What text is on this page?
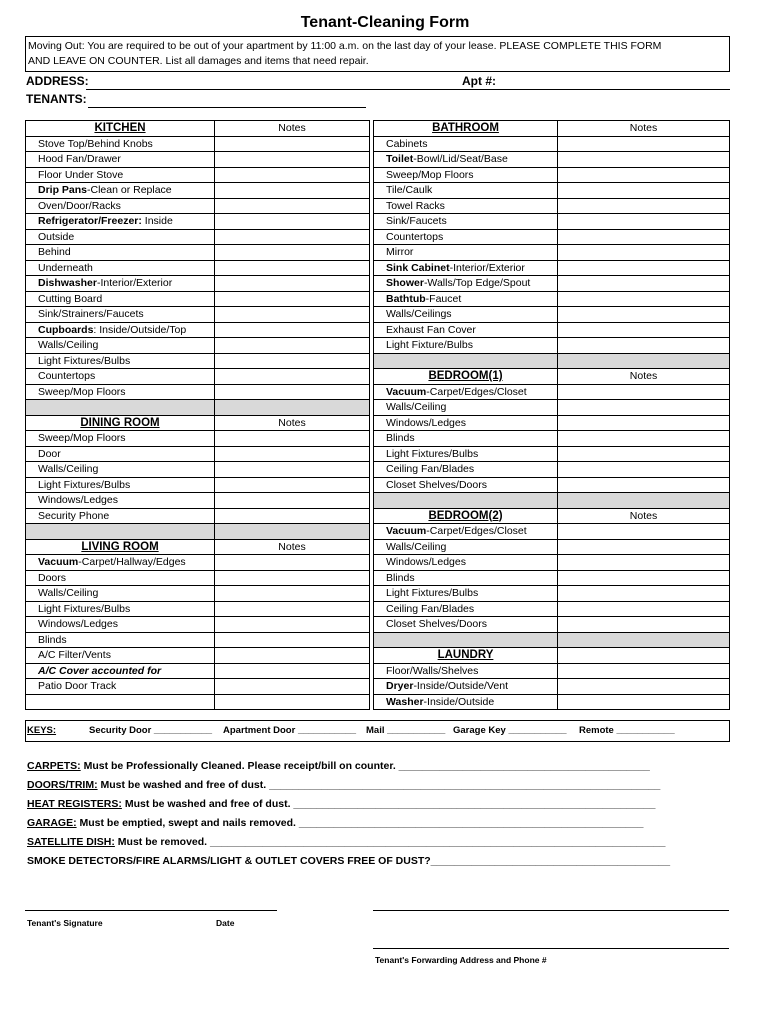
Tenant-Cleaning Form
Moving Out: You are required to be out of your apartment by 11:00 a.m. on the last day of your lease. PLEASE COMPLETE THIS FORM
AND LEAVE ON COUNTER. List all damages and items that need repair.
ADDRESS:	Apt #:
TENANTS:
KITCHEN	Notes
Stove Top/Behind Knobs
Hood Fan/Drawer
Floor Under Stove
Drip Pans-Clean or Replace
Oven/Door/Racks
Refrigerator/Freezer: Inside
Outside
Behind
Underneath
Dishwasher-Interior/Exterior
Cutting Board
Sink/Strainers/Faucets
Cupboards: Inside/Outside/Top
Walls/Ceiling
Light Fixtures/Bulbs
Countertops
Sweep/Mop Floors
DINING ROOM	Notes
Sweep/Mop Floors
Door
Walls/Ceiling
Light Fixtures/Bulbs
Windows/Ledges
Security Phone
LIVING ROOM	Notes
Vacuum-Carpet/Hallway/Edges
Doors
Walls/Ceiling
Light Fixtures/Bulbs
Windows/Ledges
Blinds
A/C Filter/Vents
A/C Cover accounted for
Patio Door Track
BATHROOM	Notes
Cabinets
Toilet-Bowl/Lid/Seat/Base
Sweep/Mop Floors
Tile/Caulk
Towel Racks
Sink/Faucets
Countertops
Mirror
Sink Cabinet-Interior/Exterior
Shower-Walls/Top Edge/Spout
Bathtub-Faucet
Walls/Ceilings
Exhaust Fan Cover
Light Fixture/Bulbs
BEDROOM(1)	Notes
Vacuum-Carpet/Edges/Closet
Walls/Ceiling
Windows/Ledges
Blinds
Light Fixtures/Bulbs
Ceiling Fan/Blades
Closet Shelves/Doors
BEDROOM(2)	Notes
Vacuum-Carpet/Edges/Closet
Walls/Ceiling
Windows/Ledges
Blinds
Light Fixtures/Bulbs
Ceiling Fan/Blades
Closet Shelves/Doors
LAUNDRY
Floor/Walls/Shelves
Dryer-Inside/Outside/Vent
Washer-Inside/Outside
KEYS:	Security Door ___________ Apartment Door ___________ Mail ___________ Garage Key ___________ Remote ___________
CARPETS: Must be Professionally Cleaned. Please receipt/bill on counter. ___________________________________________
DOORS/TRIM: Must be washed and free of dust. ___________________________________________________________________
HEAT REGISTERS: Must be washed and free of dust. ______________________________________________________________
GARAGE: Must be emptied, swept and nails removed. ___________________________________________________________
SATELLITE DISH: Must be removed. ______________________________________________________________________________
SMOKE DETECTORS/FIRE ALARMS/LIGHT & OUTLET COVERS FREE OF DUST?_________________________________________
Tenant's Signature	Date
Tenant's Forwarding Address and Phone #
